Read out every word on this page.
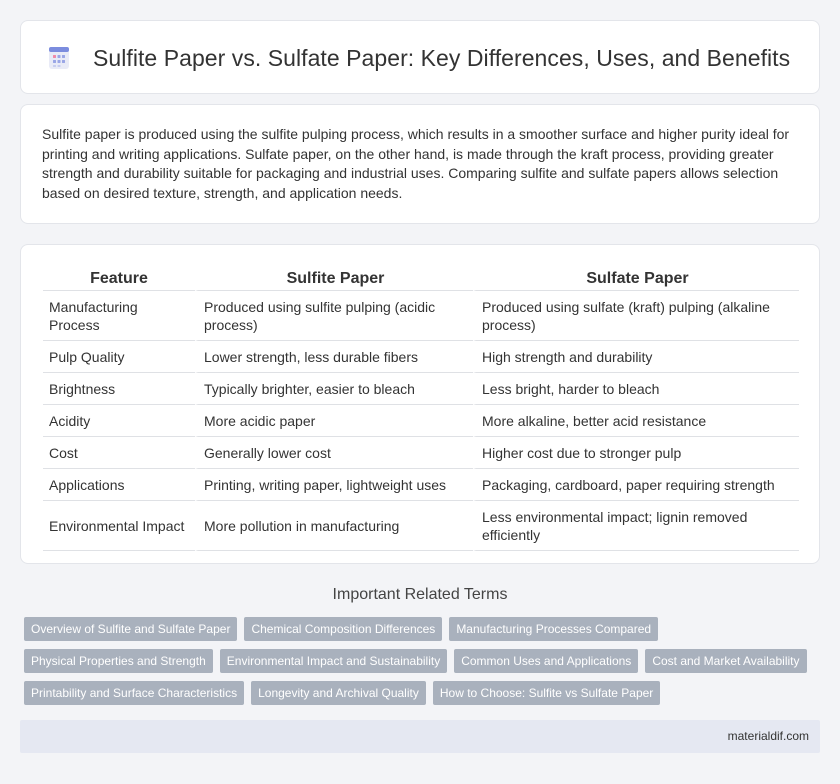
Sulfite Paper vs. Sulfate Paper: Key Differences, Uses, and Benefits

Sulfite paper is produced using the sulfite pulping process, which results in a smoother surface and higher purity ideal for printing and writing applications. Sulfate paper, on the other hand, is made through the kraft process, providing greater strength and durability suitable for packaging and industrial uses. Comparing sulfite and sulfate papers allows selection based on desired texture, strength, and application needs.

Feature	Sulfite Paper	Sulfate Paper
Manufacturing Process	Produced using sulfite pulping (acidic process)	Produced using sulfate (kraft) pulping (alkaline process)
Pulp Quality	Lower strength, less durable fibers	High strength and durability
Brightness	Typically brighter, easier to bleach	Less bright, harder to bleach
Acidity	More acidic paper	More alkaline, better acid resistance
Cost	Generally lower cost	Higher cost due to stronger pulp
Applications	Printing, writing paper, lightweight uses	Packaging, cardboard, paper requiring strength
Environmental Impact	More pollution in manufacturing	Less environmental impact; lignin removed efficiently
Important Related Terms
Overview of Sulfite and Sulfate Paper	Chemical Composition Differences	Manufacturing Processes Compared
Physical Properties and Strength	Environmental Impact and Sustainability	Common Uses and Applications	Cost and Market Availability
Printability and Surface Characteristics	Longevity and Archival Quality	How to Choose: Sulfite vs Sulfate Paper
materialdif.com
